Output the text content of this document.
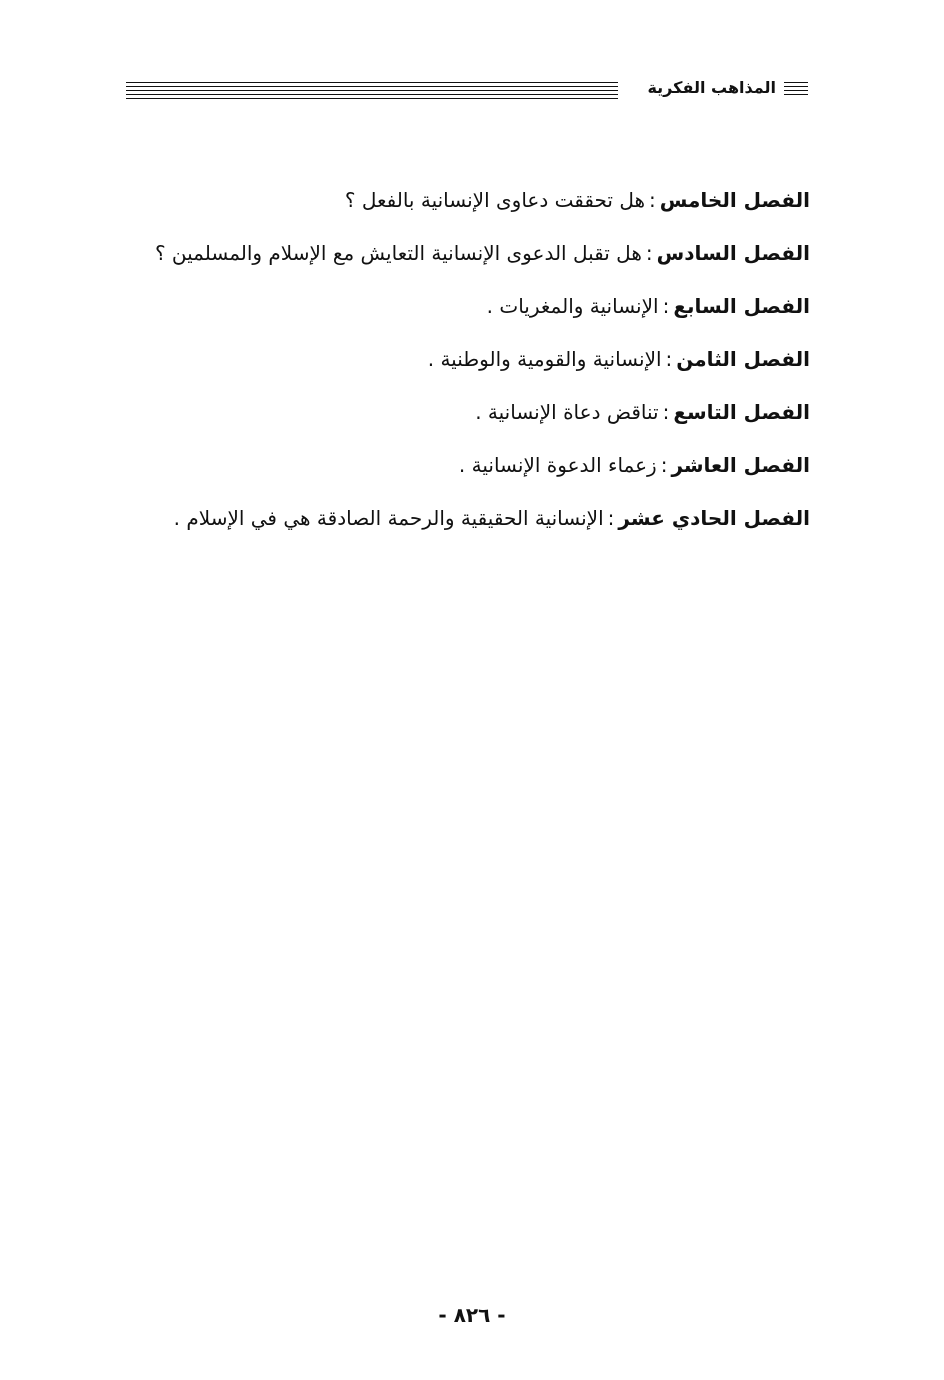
المذاهب الفكرية
الفصل الخامس:هل تحققت دعاوى الإنسانية بالفعل ؟
الفصل السادس:هل تقبل الدعوى الإنسانية التعايش مع الإسلام والمسلمين ؟
الفصل السابع:الإنسانية والمغريات .
الفصل الثامن:الإنسانية والقومية والوطنية .
الفصل التاسع:تناقض دعاة الإنسانية .
الفصل العاشر:زعماء الدعوة الإنسانية .
الفصل الحادي عشر:الإنسانية الحقيقية والرحمة الصادقة هي في الإسلام .
- ٨٢٦ -
